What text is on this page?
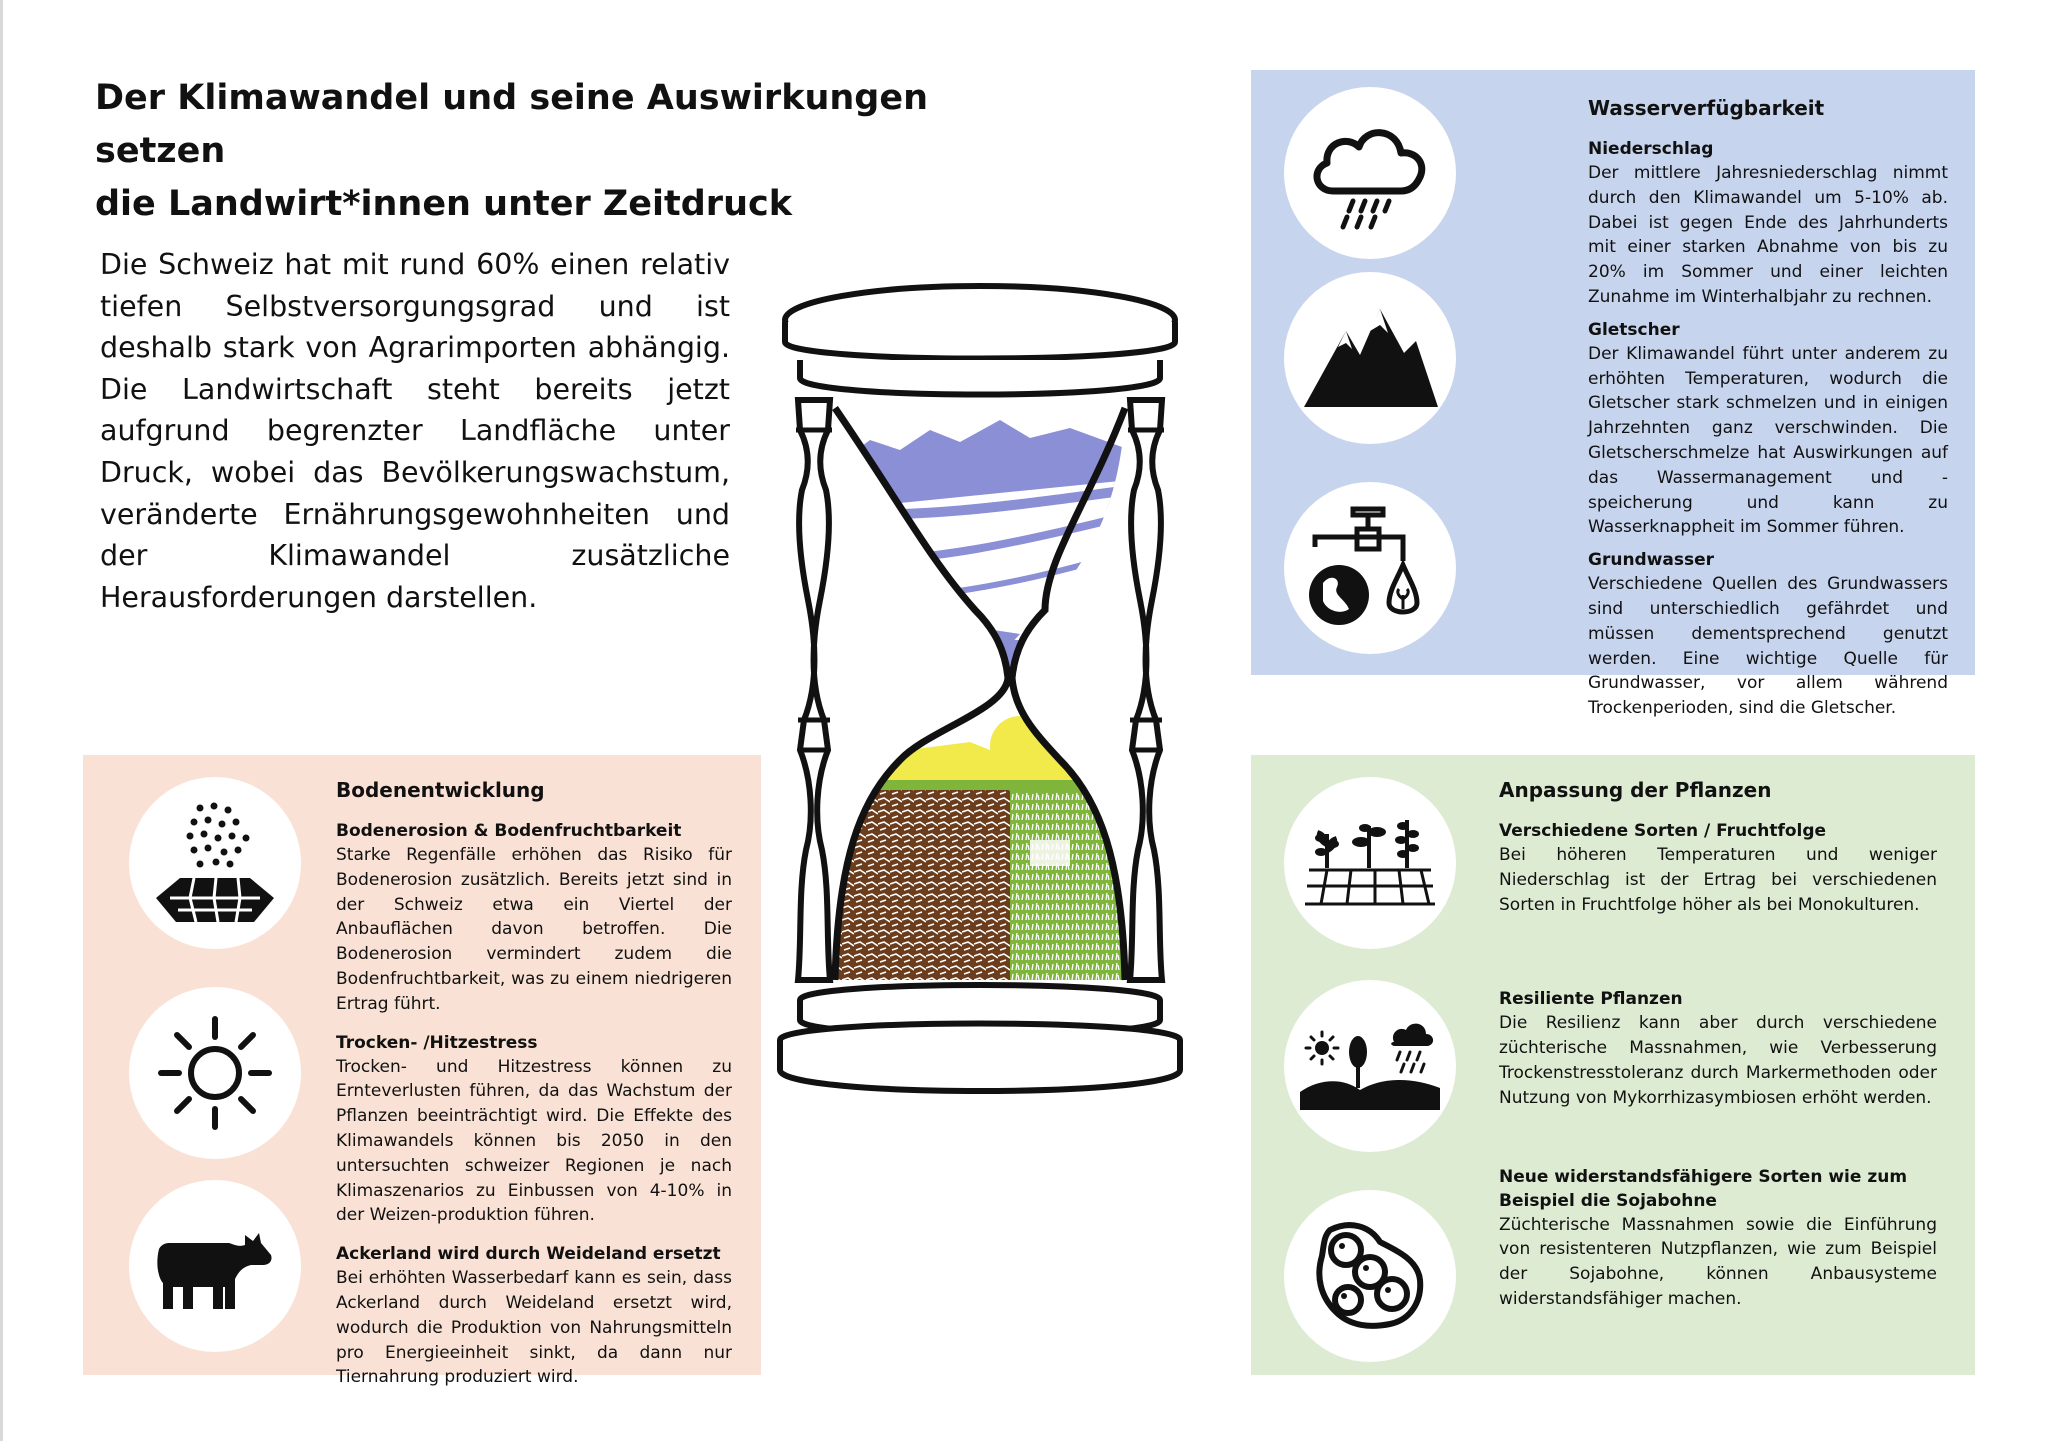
Der Klimawandel und seine Auswirkungen setzen
die Landwirt*innen unter Zeitdruck

Die Schweiz hat mit rund 60% einen relativ tiefen Selbstversorgungsgrad und ist deshalb stark von Agrarimporten abhängig. Die Landwirtschaft steht bereits jetzt aufgrund begrenzter Landfläche unter Druck, wobei das Bevölkerungswachstum, veränderte Ernährungsgewohnheiten und der Klimawandel zusätzliche Herausforderungen darstellen.

Wasserverfügbarkeit

Niederschlag

Der mittlere Jahresniederschlag nimmt durch den Klimawandel um 5-10% ab. Dabei ist gegen Ende des Jahrhunderts mit einer starken Abnahme von bis zu 20% im Sommer und einer leichten Zunahme im Winterhalbjahr zu rechnen.

Gletscher

Der Klimawandel führt unter anderem zu erhöhten Temperaturen, wodurch die Gletscher stark schmelzen und in einigen Jahrzehnten ganz verschwinden. Die Gletscherschmelze hat Auswirkungen auf das Wassermanagement und -speicherung und kann zu Wasserknappheit im Sommer führen.

Grundwasser

Verschiedene Quellen des Grundwassers sind unterschiedlich gefährdet und müssen dementsprechend genutzt werden. Eine wichtige Quelle für Grundwasser, vor allem während Trockenperioden, sind die Gletscher.

Bodenentwicklung

Bodenerosion & Bodenfruchtbarkeit

Starke Regenfälle erhöhen das Risiko für Bodenerosion zusätzlich. Bereits jetzt sind in der Schweiz etwa ein Viertel der Anbauflächen davon betroffen. Die Bodenerosion vermindert zudem die Bodenfruchtbarkeit, was zu einem niedrigeren Ertrag führt.

Trocken- /Hitzestress

Trocken- und Hitzestress können zu Ernteverlusten führen, da das Wachstum der Pflanzen beeinträchtigt wird. Die Effekte des Klimawandels können bis 2050 in den untersuchten schweizer Regionen je nach Klimaszenarios zu Einbussen von 4-10% in der Weizen-produktion führen.

Ackerland wird durch Weideland ersetzt

Bei erhöhten Wasserbedarf kann es sein, dass Ackerland durch Weideland ersetzt wird, wodurch die Produktion von Nahrungsmitteln pro Energieeinheit sinkt, da dann nur Tiernahrung produziert wird.

Anpassung der Pflanzen

Verschiedene Sorten / Fruchtfolge

Bei höheren Temperaturen und weniger Niederschlag ist der Ertrag bei verschiedenen Sorten in Fruchtfolge höher als bei Monokulturen.

Resiliente Pflanzen

Die Resilienz kann aber durch verschiedene züchterische Massnahmen, wie Verbesserung Trockenstresstoleranz durch Markermethoden oder Nutzung von Mykorrhizasymbiosen erhöht werden.

Neue widerstandsfähigere Sorten wie zum Beispiel die Sojabohne

Züchterische Massnahmen sowie die Einführung von resistenteren Nutzpflanzen, wie zum Beispiel der Sojabohne, können Anbausysteme widerstandsfähiger machen.
